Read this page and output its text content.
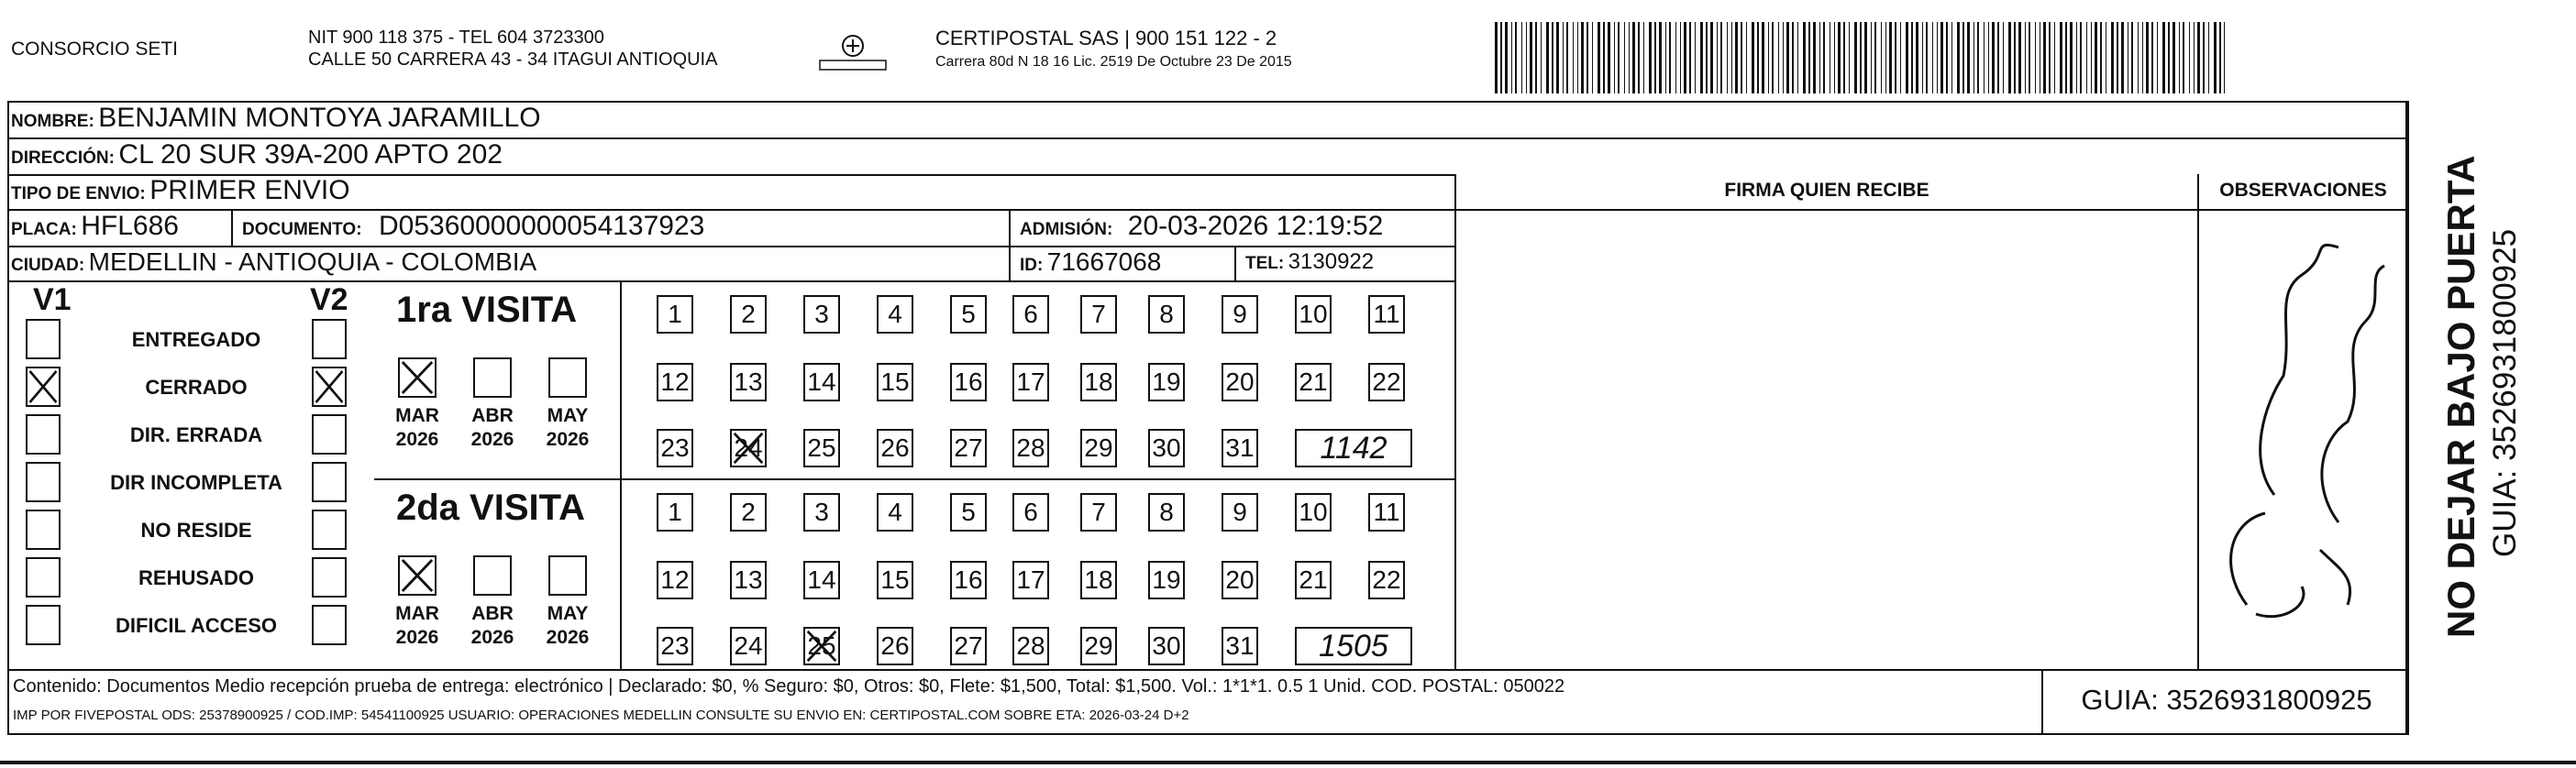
CONSORCIO SETI
NIT 900 118 375 - TEL 604 3723300
CALLE 50 CARRERA 43 - 34 ITAGUI ANTIOQUIA
CERTIPOSTAL SAS | 900 151 122 - 2
Carrera 80d N 18 16 Lic. 2519 De Octubre 23 De 2015
NOMBRE: BENJAMIN MONTOYA JARAMILLO
DIRECCIÓN: CL 20 SUR 39A-200 APTO 202
TIPO DE ENVIO: PRIMER ENVIO
PLACA: HFL686	DOCUMENTO: D05360000000054137923	ADMISIÓN: 20-03-2026 12:19:52
CIUDAD: MEDELLIN - ANTIOQUIA - COLOMBIA	ID: 71667068	TEL: 3130922
FIRMA QUIEN RECIBE	OBSERVACIONES
V1	V2
ENTREGADO
CERRADO
DIR. ERRADA
DIR INCOMPLETA
NO RESIDE
REHUSADO
DIFICIL ACCESO
1ra VISITA
MAR
2026
ABR
2026
MAY
2026
1	2	3	4	5	6	7	8	9	10 11
12 13 14 15 16 17 18 19 20 21 22
23 24 25 26 27 28 29 30 31	1142
2da VISITA
MAR
2026
ABR
2026
MAY
2026
1	2	3	4	5	6	7	8	9	10 11
12 13 14 15 16 17 18 19 20 21 22
23 24 25 26 27 28 29 30 31	1505
Contenido: Documentos Medio recepción prueba de entrega: electrónico | Declarado: $0, % Seguro: $0, Otros: $0, Flete: $1,500, Total: $1,500. Vol.: 1*1*1. 0.5 1 Unid. COD. POSTAL: 050022
IMP POR FIVEPOSTAL ODS: 25378900925 / COD.IMP: 54541100925 USUARIO: OPERACIONES MEDELLIN CONSULTE SU ENVIO EN: CERTIPOSTAL.COM SOBRE ETA: 2026-03-24 D+2	GUIA: 3526931800925
NO DEJAR BAJO PUERTA GUIA: 3526931800925
